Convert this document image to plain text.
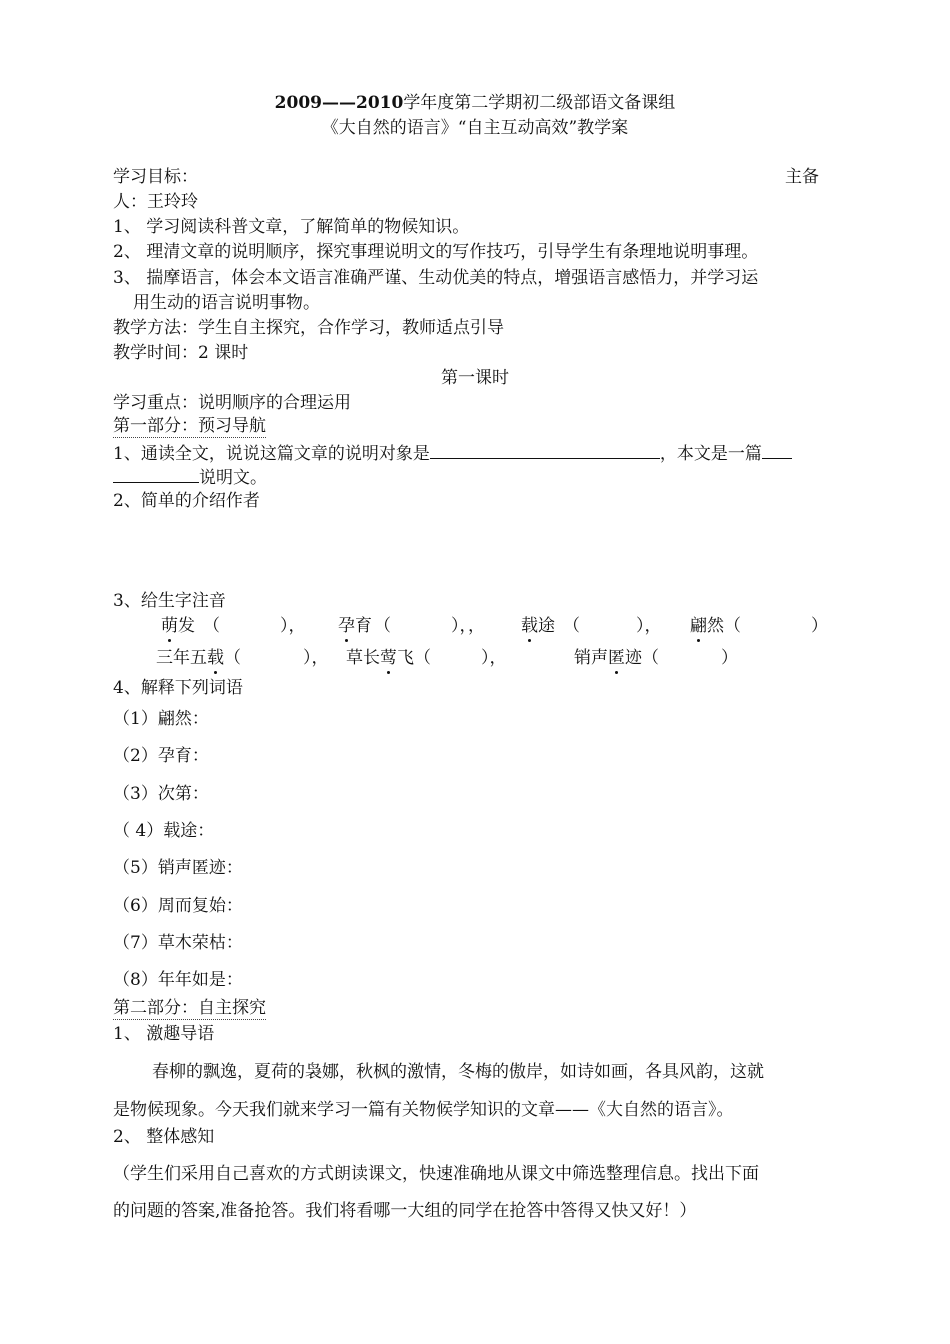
2009——2010学年度第二学期初二级部语文备课组
《大自然的语言》“自主互动高效”教学案
学习目标：	主备
人：王玲玲
1、 学习阅读科普文章，了解简单的物候知识。
2、 理清文章的说明顺序，探究事理说明文的写作技巧，引导学生有条理地说明事理。
3、 揣摩语言，体会本文语言准确严谨、生动优美的特点，增强语言感悟力，并学习运
用生动的语言说明事物。
教学方法：学生自主探究，合作学习，教师适点引导
教学时间：2 课时
第一课时
学习重点：说明顺序的合理运用
第一部分：预习导航
1、通读全文，说说这篇文章的说明对象是	，本文是一篇
说明文。
2、简单的介绍作者
3、给生字注音
萌发 （	）， 孕育 （	），， 载途 （	）， 翩然（	）
三年五载（	）， 草长莺飞（	），	销声匿迹（	）
4、解释下列词语
（1）翩然：
（2）孕育：
（3）次第：
（ 4）载途：
（5）销声匿迹：
（6）周而复始：
（7）草木荣枯：
（8）年年如是：
第二部分：自主探究
1、 激趣导语
春柳的飘逸，夏荷的袅娜，秋枫的激情，冬梅的傲岸，如诗如画，各具风韵，这就
是物候现象。今天我们就来学习一篇有关物候学知识的文章——《大自然的语言》。
2、 整体感知
（学生们采用自己喜欢的方式朗读课文，快速准确地从课文中筛选整理信息。找出下面
的问题的答案,准备抢答。我们将看哪一大组的同学在抢答中答得又快又好！）
